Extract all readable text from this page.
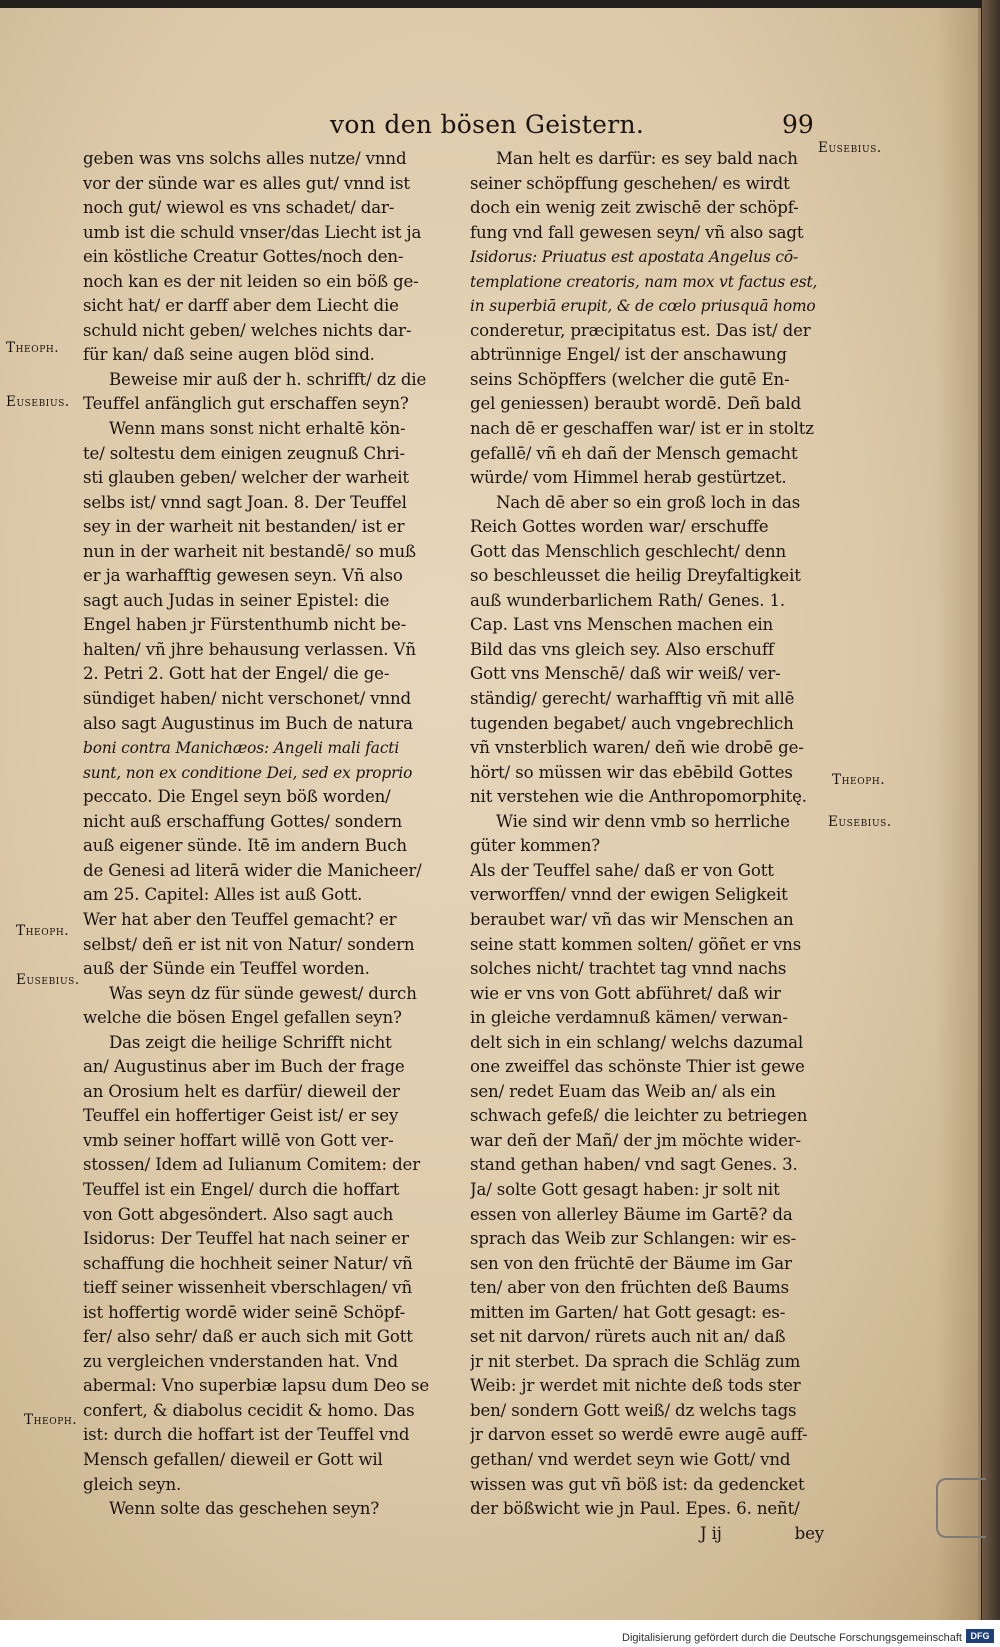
von den bösen Geistern.	99
Theoph.
Eusebius.
Theoph.
Eusebius.
Theoph.
Eusebius.
Theoph.
Eusebius.
geben was vns solchs alles nutze/ vnnd
vor der sünde war es alles gut/ vnnd ist
noch gut/ wiewol es vns schadet/ dar-
umb ist die schuld vnser/das Liecht ist ja
ein köstliche Creatur Gottes/noch den-
noch kan es der nit leiden so ein böß ge-
sicht hat/ er darff aber dem Liecht die
schuld nicht geben/ welches nichts dar-
für kan/ daß seine augen blöd sind.
Beweise mir auß der h. schrifft/ dz die
Teuffel anfänglich gut erschaffen seyn?
Wenn mans sonst nicht erhaltē kön-
te/ soltestu dem einigen zeugnuß Chri-
sti glauben geben/ welcher der warheit
selbs ist/ vnnd sagt Joan. 8. Der Teuffel
sey in der warheit nit bestanden/ ist er
nun in der warheit nit bestandē/ so muß
er ja warhafftig gewesen seyn. Vñ also
sagt auch Judas in seiner Epistel: die
Engel haben jr Fürstenthumb nicht be-
halten/ vñ jhre behausung verlassen. Vñ
2. Petri 2. Gott hat der Engel/ die ge-
sündiget haben/ nicht verschonet/ vnnd
also sagt Augustinus im Buch de natura
boni contra Manichæos: Angeli mali facti
sunt, non ex conditione Dei, sed ex proprio
peccato. Die Engel seyn böß worden/
nicht auß erschaffung Gottes/ sondern
auß eigener sünde. Itē im andern Buch
de Genesi ad literā wider die Manicheer/
am 25. Capitel: Alles ist auß Gott.
Wer hat aber den Teuffel gemacht? er
selbst/ deñ er ist nit von Natur/ sondern
auß der Sünde ein Teuffel worden.
Was seyn dz für sünde gewest/ durch
welche die bösen Engel gefallen seyn?
Das zeigt die heilige Schrifft nicht
an/ Augustinus aber im Buch der frage
an Orosium helt es darfür/ dieweil der
Teuffel ein hoffertiger Geist ist/ er sey
vmb seiner hoffart willē von Gott ver-
stossen/ Idem ad Iulianum Comitem: der
Teuffel ist ein Engel/ durch die hoffart
von Gott abgesöndert. Also sagt auch
Isidorus: Der Teuffel hat nach seiner er
schaffung die hochheit seiner Natur/ vñ
tieff seiner wissenheit vberschlagen/ vñ
ist hoffertig wordē wider seinē Schöpf-
fer/ also sehr/ daß er auch sich mit Gott
zu vergleichen vnderstanden hat. Vnd
abermal: Vno superbiæ lapsu dum Deo se
confert, & diabolus cecidit & homo. Das
ist: durch die hoffart ist der Teuffel vnd
Mensch gefallen/ dieweil er Gott wil
gleich seyn.
Wenn solte das geschehen seyn?
Man helt es darfür: es sey bald nach
seiner schöpffung geschehen/ es wirdt
doch ein wenig zeit zwischē der schöpf-
fung vnd fall gewesen seyn/ vñ also sagt
Isidorus: Priuatus est apostata Angelus cō-
templatione creatoris, nam mox vt factus est,
in superbiā erupit, & de cœlo priusquā homo
conderetur, præcipitatus est. Das ist/ der
abtrünnige Engel/ ist der anschawung
seins Schöpffers (welcher die gutē En-
gel geniessen) beraubt wordē. Deñ bald
nach dē er geschaffen war/ ist er in stoltz
gefallē/ vñ eh dañ der Mensch gemacht
würde/ vom Himmel herab gestürtzet.
Nach dē aber so ein groß loch in das
Reich Gottes worden war/ erschuffe
Gott das Menschlich geschlecht/ denn
so beschleusset die heilig Dreyfaltigkeit
auß wunderbarlichem Rath/ Genes. 1.
Cap. Last vns Menschen machen ein
Bild das vns gleich sey. Also erschuff
Gott vns Menschē/ daß wir weiß/ ver-
ständig/ gerecht/ warhafftig vñ mit allē
tugenden begabet/ auch vngebrechlich
vñ vnsterblich waren/ deñ wie drobē ge-
hört/ so müssen wir das ebēbild Gottes
nit verstehen wie die Anthropomorphitę.
Wie sind wir denn vmb so herrliche
güter kommen?
Als der Teuffel sahe/ daß er von Gott
verworffen/ vnnd der ewigen Seligkeit
beraubet war/ vñ das wir Menschen an
seine statt kommen solten/ göñet er vns
solches nicht/ trachtet tag vnnd nachs
wie er vns von Gott abführet/ daß wir
in gleiche verdamnuß kämen/ verwan-
delt sich in ein schlang/ welchs dazumal
one zweiffel das schönste Thier ist gewe
sen/ redet Euam das Weib an/ als ein
schwach gefeß/ die leichter zu betriegen
war deñ der Mañ/ der jm möchte wider-
stand gethan haben/ vnd sagt Genes. 3.
Ja/ solte Gott gesagt haben: jr solt nit
essen von allerley Bäume im Gartē? da
sprach das Weib zur Schlangen: wir es-
sen von den früchtē der Bäume im Gar
ten/ aber von den früchten deß Baums
mitten im Garten/ hat Gott gesagt: es-
set nit darvon/ rürets auch nit an/ daß
jr nit sterbet. Da sprach die Schläg zum
Weib: jr werdet mit nichte deß tods ster
ben/ sondern Gott weiß/ dz welchs tags
jr darvon esset so werdē ewre augē auff-
gethan/ vnd werdet seyn wie Gott/ vnd
wissen was gut vñ böß ist: da gedencket
der bößwicht wie jn Paul. Epes. 6. neñt/
J ij	bey
Digitalisierung gefördert durch die Deutsche Forschungsgemeinschaft DFG
